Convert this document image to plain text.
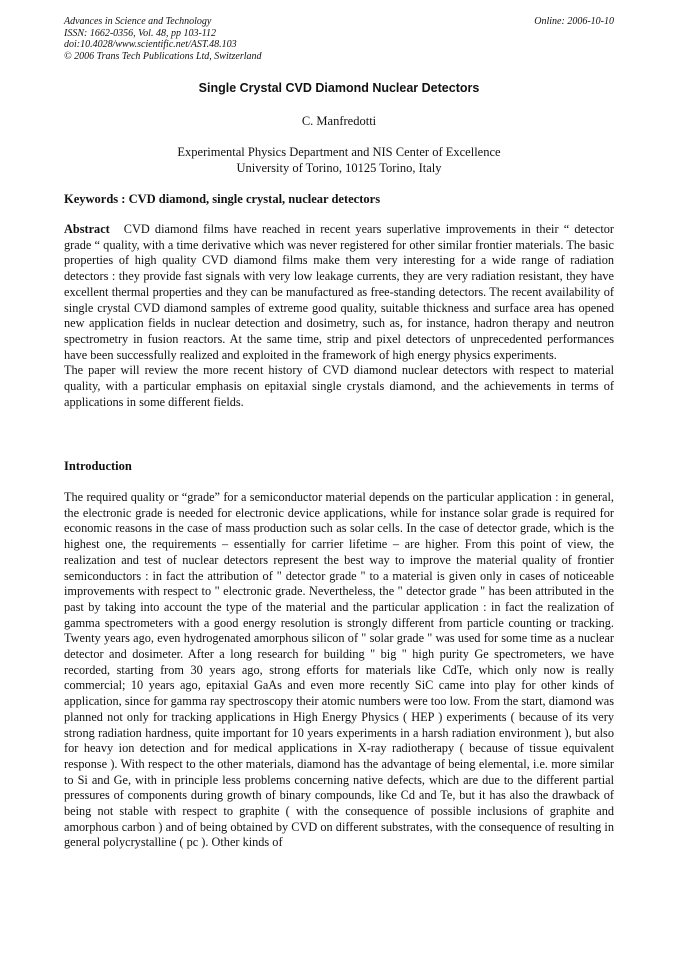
Advances in Science and Technology
ISSN: 1662-0356, Vol. 48, pp 103-112
doi:10.4028/www.scientific.net/AST.48.103
© 2006 Trans Tech Publications Ltd, Switzerland
Online: 2006-10-10
Single Crystal CVD Diamond Nuclear Detectors
C. Manfredotti
Experimental Physics Department and NIS Center of Excellence
University of Torino, 10125 Torino, Italy
Keywords : CVD diamond, single crystal, nuclear detectors

Abstract CVD diamond films have reached in recent years superlative improvements in their “ detector grade “ quality, with a time derivative which was never registered for other similar frontier materials. The basic properties of high quality CVD diamond films make them very interesting for a wide range of radiation detectors : they provide fast signals with very low leakage currents, they are very radiation resistant, they have excellent thermal properties and they can be manufactured as free-standing detectors. The recent availability of single crystal CVD diamond samples of extreme good quality, suitable thickness and surface area has opened new application fields in nuclear detection and dosimetry, such as, for instance, hadron therapy and neutron spectrometry in fusion reactors. At the same time, strip and pixel detectors of unprecedented performances have been successfully realized and exploited in the framework of high energy physics experiments.

The paper will review the more recent history of CVD diamond nuclear detectors with respect to material quality, with a particular emphasis on epitaxial single crystals diamond, and the achievements in terms of applications in some different fields.

Introduction

The required quality or “grade” for a semiconductor material depends on the particular application : in general, the electronic grade is needed for electronic device applications, while for instance solar grade is required for economic reasons in the case of mass production such as solar cells. In the case of detector grade, which is the highest one, the requirements – essentially for carrier lifetime – are higher. From this point of view, the realization and test of nuclear detectors represent the best way to improve the material quality of frontier semiconductors : in fact the attribution of " detector grade " to a material is given only in cases of noticeable improvements with respect to " electronic grade. Nevertheless, the " detector grade " has been attributed in the past by taking into account the type of the material and the particular application : in fact the realization of gamma spectrometers with a good energy resolution is strongly different from particle counting or tracking. Twenty years ago, even hydrogenated amorphous silicon of " solar grade " was used for some time as a nuclear detector and dosimeter. After a long research for building " big " high purity Ge spectrometers, we have recorded, starting from 30 years ago, strong efforts for materials like CdTe, which only now is really commercial; 10 years ago, epitaxial GaAs and even more recently SiC came into play for other kinds of application, since for gamma ray spectroscopy their atomic numbers were too low. From the start, diamond was planned not only for tracking applications in High Energy Physics ( HEP ) experiments ( because of its very strong radiation hardness, quite important for 10 years experiments in a harsh radiation environment ), but also for heavy ion detection and for medical applications in X-ray radiotherapy ( because of tissue equivalent response ). With respect to the other materials, diamond has the advantage of being elemental, i.e. more similar to Si and Ge, with in principle less problems concerning native defects, which are due to the different partial pressures of components during growth of binary compounds, like Cd and Te, but it has also the drawback of being not stable with respect to graphite ( with the consequence of possible inclusions of graphite and amorphous carbon ) and of being obtained by CVD on different substrates, with the consequence of resulting in general polycrystalline ( pc ). Other kinds of
